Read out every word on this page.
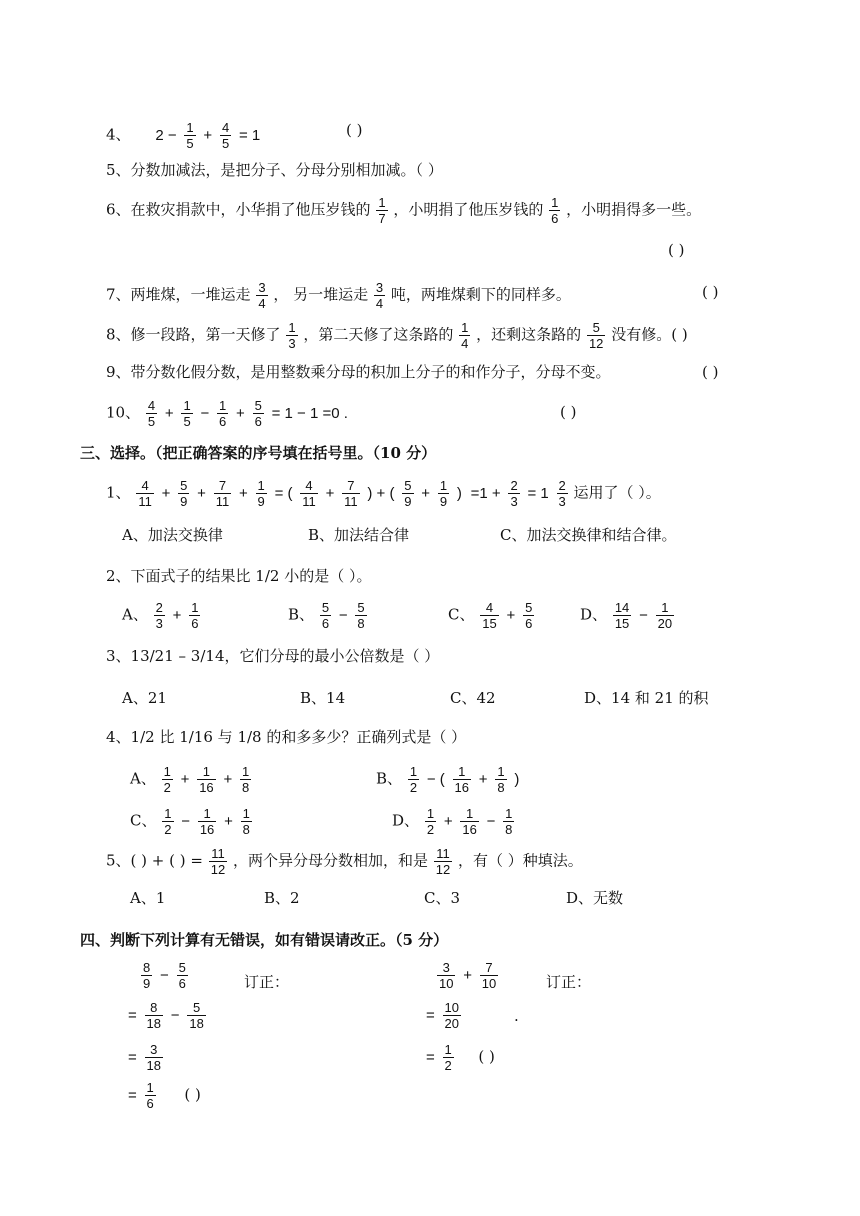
4、 $2 - \frac{1}{5} + \frac{4}{5} = 1$	( )
5、分数加减法，是把分子、分母分别相加减。（ ）
6、在救灾捐款中，小华捐了他压岁钱的 $\frac{1}{7}$ ，小明捐了他压岁钱的 $\frac{1}{6}$ ，小明捐得多一些。
( )
7、两堆煤，一堆运走 $\frac{3}{4}$ ， 另一堆运走 $\frac{3}{4}$ 吨，两堆煤剩下的同样多。	( )
8、修一段路，第一天修了 $\frac{1}{3}$ ，第二天修了这条路的 $\frac{1}{4}$ ，还剩这条路的 $\frac{5}{12}$ 没有修。( )
9、带分数化假分数，是用整数乘分母的积加上分子的和作分子，分母不变。	( )
10、 $\frac{4}{5} + \frac{1}{5} - \frac{1}{6} + \frac{5}{6} = 1 - 1 =0$ .	( )
三、选择。（把正确答案的序号填在括号里。（10 分）
1、 $\frac{4}{11} + \frac{5}{9} + \frac{7}{11} + \frac{1}{9}$ = ( $\frac{4}{11} + \frac{7}{11}$ ) + ( $\frac{5}{9} + \frac{1}{9}$ ) $=1 + \frac{2}{3} = 1 \frac{2}{3}$ 运用了（ ）。
A、加法交换律	B、加法结合律	C、加法交换律和结合律。
2、下面式子的结果比 1/2 小的是（ ）。
A、 $\frac{2}{3} + \frac{1}{6}$	B、 $\frac{5}{6} - \frac{5}{8}$	C、 $\frac{4}{15} + \frac{5}{6}$	D、 $\frac{14}{15} - \frac{1}{20}$
3、13/21 – 3/14，它们分母的最小公倍数是（ ）
A、21	B、14	C、42	D、14 和 21 的积
4、1/2 比 1/16 与 1/8 的和多多少？正确列式是（ ）
A、 $\frac{1}{2} + \frac{1}{16} + \frac{1}{8}$	B、 $\frac{1}{2}$ − ( $\frac{1}{16} + \frac{1}{8}$ )
C、 $\frac{1}{2} - \frac{1}{16} + \frac{1}{8}$	D、 $\frac{1}{2} + \frac{1}{16} - \frac{1}{8}$
5、( ) + ( ) = $\frac{11}{12}$ ，两个异分母分数相加，和是 $\frac{11}{12}$ ，有（ ）种填法。
A、1	B、2	C、3	D、无数
四、判断下列计算有无错误，如有错误请改正。（5 分）
$\frac{8}{9} - \frac{5}{6}$	订正：
= $\frac{8}{18} - \frac{5}{18}$
= $\frac{3}{18}$
= $\frac{1}{6}$ ( )
$\frac{3}{10} + \frac{7}{10}$	订正：
= $\frac{10}{20}$	.
= $\frac{1}{2}$ ( )
